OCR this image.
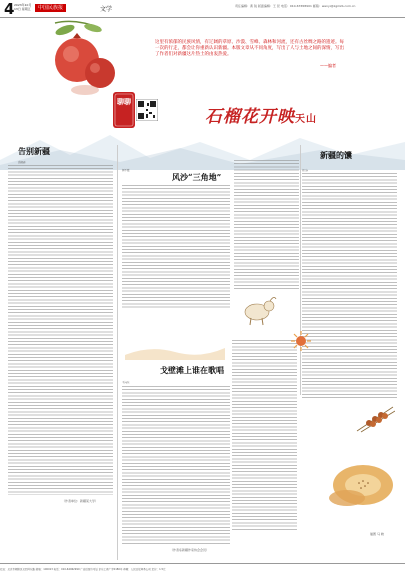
4 2023年10月13日 星期五	中国民族报	文学	责任编辑：黄 锐 版面编辑：王 昆 电话：010-67658901 邮箱：wenyi@zgmzb.com.cn
这里有浓郁的民族风情，有辽阔的草原、沙漠、雪峰、森林和河流，还有古丝绸之路的遗迹。每一次的行走，都会让你重新认识新疆。本版文章从不同角度，写出了人与土地之间的深情，写出了作者们对新疆这片热土的由衷热爱。
——编者
聊聊
石榴花开映天山
告别新疆
高晓霞
（作者单位：新疆某大学）
阿不都
风沙“三角地”
新疆的馕
刘 涛
戈壁滩上谁在歌唱
王向东
（作者系新疆作家协会会员）
插图 马 晓
社址：北京市朝阳区北四环东路 邮编：100013 电话：010-64962999 广告经营许可证 京东工商广字0180号 印刷：人民日报印务公司 定价：1.5元
